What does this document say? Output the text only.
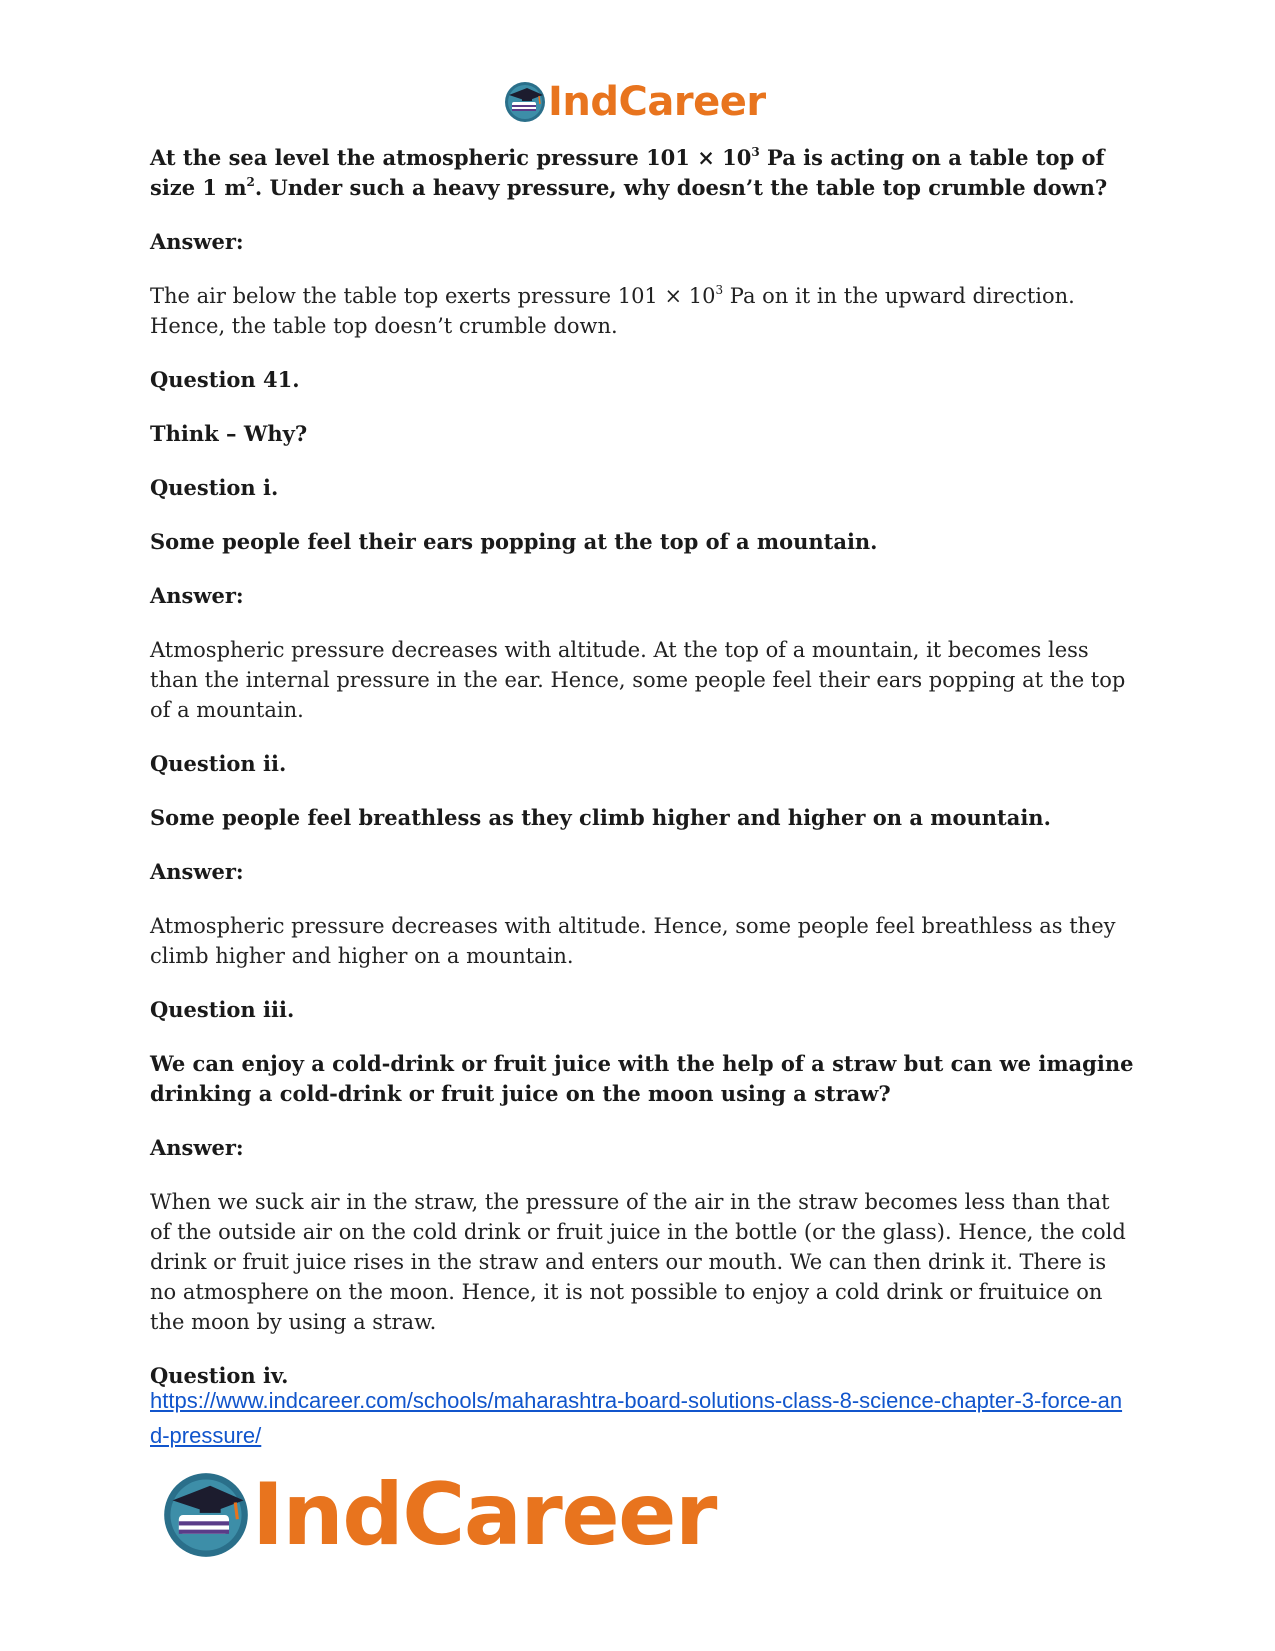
IndCareer

At the sea level the atmospheric pressure $101 \times 10^3$ Pa is acting on a table top of size 1 $m^2$. Under such a heavy pressure, why doesn’t the table top crumble down?

Answer:

The air below the table top exerts pressure $101 \times 10^3$ Pa on it in the upward direction. Hence, the table top doesn’t crumble down.

Question 41.

Think – Why?

Question i.

Some people feel their ears popping at the top of a mountain.

Answer:

Atmospheric pressure decreases with altitude. At the top of a mountain, it becomes less than the internal pressure in the ear. Hence, some people feel their ears popping at the top of a mountain.

Question ii.

Some people feel breathless as they climb higher and higher on a mountain.

Answer:

Atmospheric pressure decreases with altitude. Hence, some people feel breathless as they climb higher and higher on a mountain.

Question iii.

We can enjoy a cold-drink or fruit juice with the help of a straw but can we imagine drinking a cold-drink or fruit juice on the moon using a straw?

Answer:

When we suck air in the straw, the pressure of the air in the straw becomes less than that of the outside air on the cold drink or fruit juice in the bottle (or the glass). Hence, the cold drink or fruit juice rises in the straw and enters our mouth. We can then drink it. There is no atmosphere on the moon. Hence, it is not possible to enjoy a cold drink or fruituice on the moon by using a straw.

Question iv.

https://www.indcareer.com/schools/maharashtra-board-solutions-class-8-science-chapter-3-force-and-pressure/
IndCareer
